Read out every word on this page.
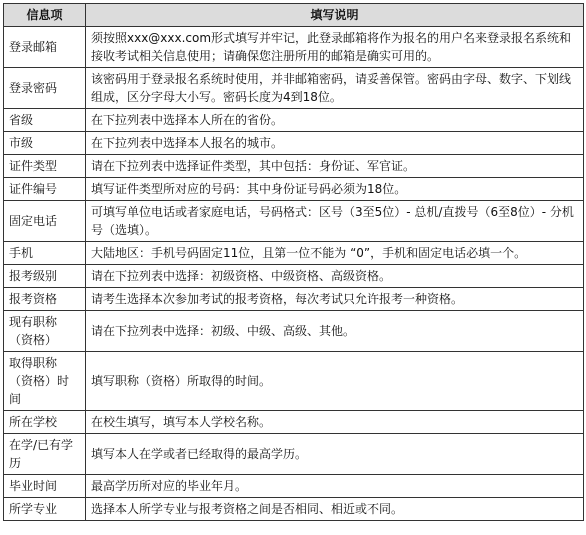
信息项	填写说明
登录邮箱	须按照xxx@xxx.com形式填写并牢记，此登录邮箱将作为报名的用户名来登录报名系统和接收考试相关信息使用；请确保您注册所用的邮箱是确实可用的。
登录密码	该密码用于登录报名系统时使用，并非邮箱密码，请妥善保管。密码由字母、数字、下划线组成，区分字母大小写。密码长度为4到18位。
省级	在下拉列表中选择本人所在的省份。
市级	在下拉列表中选择本人报名的城市。
证件类型	请在下拉列表中选择证件类型，其中包括：身份证、军官证。
证件编号	填写证件类型所对应的号码：其中身份证号码必须为18位。
固定电话	可填写单位电话或者家庭电话，号码格式：区号（3至5位）- 总机/直拨号（6至8位）- 分机号（选填）。
手机	大陆地区：手机号码固定11位，且第一位不能为 “0”，手机和固定电话必填一个。
报考级别	请在下拉列表中选择：初级资格、中级资格、高级资格。
报考资格	请考生选择本次参加考试的报考资格，每次考试只允许报考一种资格。
现有职称（资格）	请在下拉列表中选择：初级、中级、高级、其他。
取得职称（资格）时间	填写职称（资格）所取得的时间。
所在学校	在校生填写，填写本人学校名称。
在学/已有学历	填写本人在学或者已经取得的最高学历。
毕业时间	最高学历所对应的毕业年月。
所学专业	选择本人所学专业与报考资格之间是否相同、相近或不同。
